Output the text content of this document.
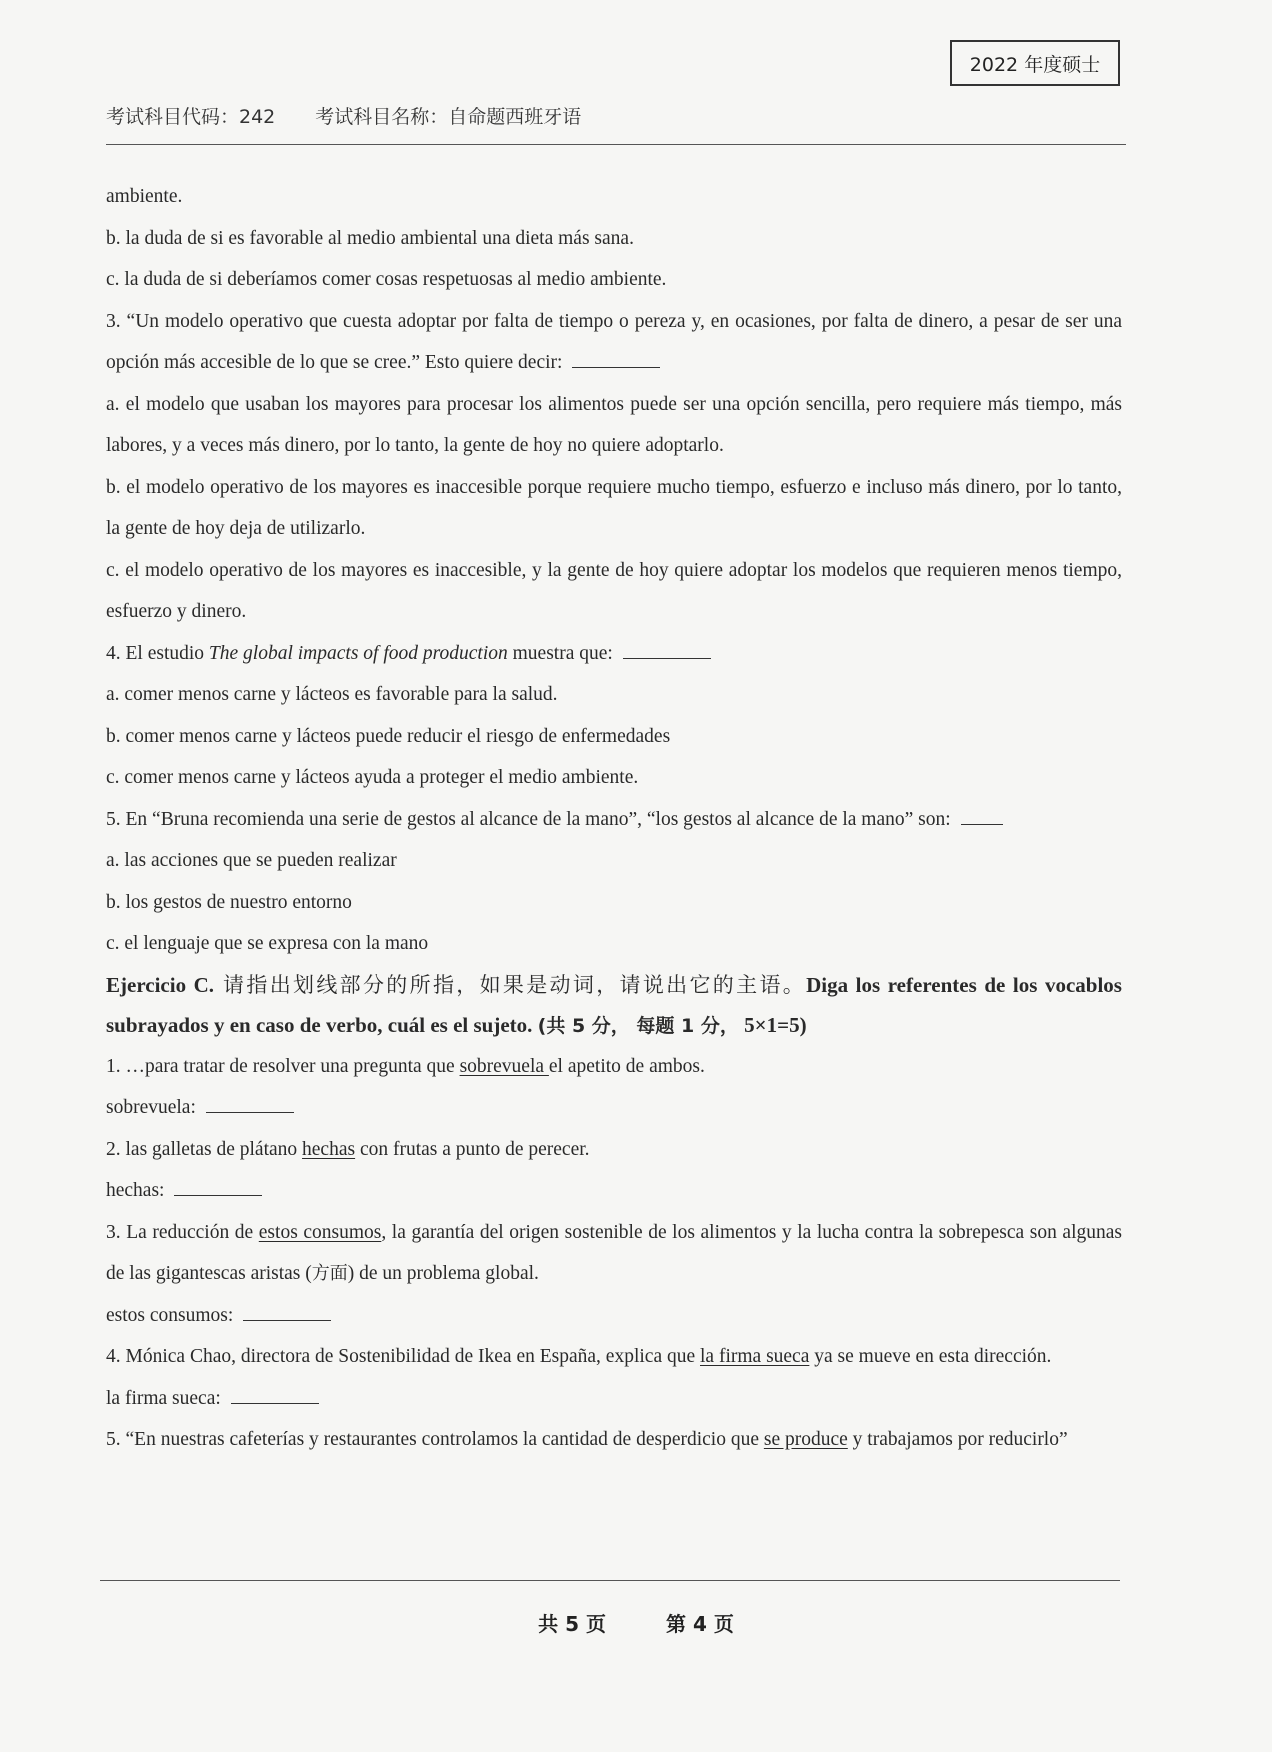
2022 年度硕士
考试科目代码：242 考试科目名称：自命题西班牙语

ambiente.

b. la duda de si es favorable al medio ambiental una dieta más sana.

c. la duda de si deberíamos comer cosas respetuosas al medio ambiente.

3. “Un modelo operativo que cuesta adoptar por falta de tiempo o pereza y, en ocasiones, por falta de dinero, a pesar de ser una opción más accesible de lo que se cree.” Esto quiere decir:

a. el modelo que usaban los mayores para procesar los alimentos puede ser una opción sencilla, pero requiere más tiempo, más labores, y a veces más dinero, por lo tanto, la gente de hoy no quiere adoptarlo.

b. el modelo operativo de los mayores es inaccesible porque requiere mucho tiempo, esfuerzo e incluso más dinero, por lo tanto, la gente de hoy deja de utilizarlo.

c. el modelo operativo de los mayores es inaccesible, y la gente de hoy quiere adoptar los modelos que requieren menos tiempo, esfuerzo y dinero.

4. El estudio The global impacts of food production muestra que:

a. comer menos carne y lácteos es favorable para la salud.

b. comer menos carne y lácteos puede reducir el riesgo de enfermedades

c. comer menos carne y lácteos ayuda a proteger el medio ambiente.

5. En “Bruna recomienda una serie de gestos al alcance de la mano”, “los gestos al alcance de la mano” son:

a. las acciones que se pueden realizar

b. los gestos de nuestro entorno

c. el lenguaje que se expresa con la mano

Ejercicio C. 请指出划线部分的所指，如果是动词，请说出它的主语。Diga los referentes de los vocablos subrayados y en caso de verbo, cuál es el sujeto. (共 5 分， 每题 1 分， 5×1=5)

1. …para tratar de resolver una pregunta que sobrevuela el apetito de ambos.

sobrevuela:

2. las galletas de plátano hechas con frutas a punto de perecer.

hechas:

3. La reducción de estos consumos, la garantía del origen sostenible de los alimentos y la lucha contra la sobrepesca son algunas de las gigantescas aristas (方面) de un problema global.

estos consumos:

4. Mónica Chao, directora de Sostenibilidad de Ikea en España, explica que la firma sueca ya se mueve en esta dirección.

la firma sueca:

5. “En nuestras cafeterías y restaurantes controlamos la cantidad de desperdicio que se produce y trabajamos por reducirlo”

共 5 页	第 4 页
